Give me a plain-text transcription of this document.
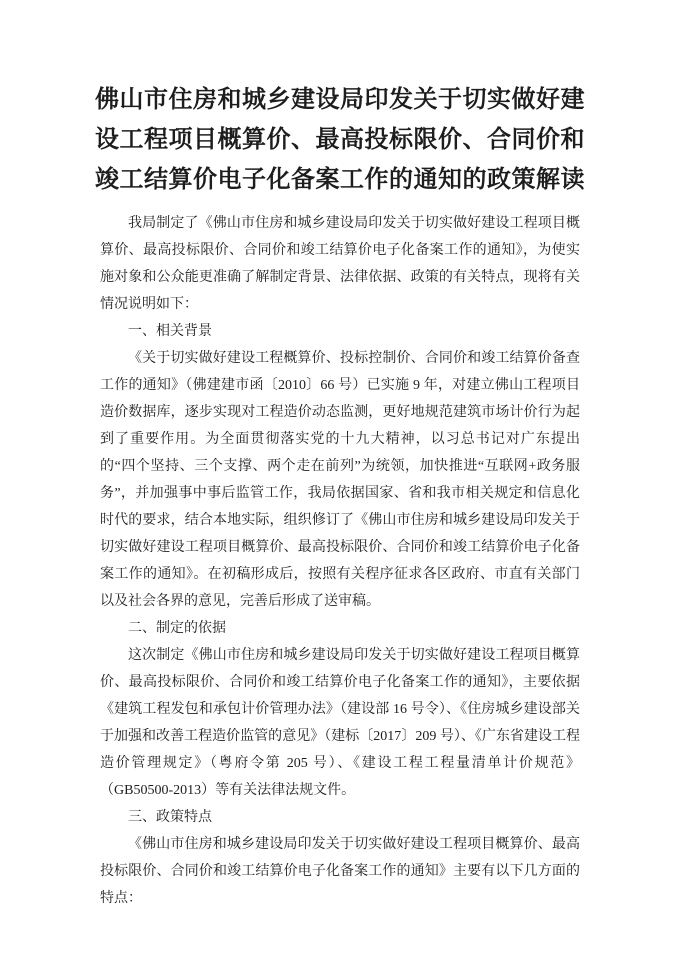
佛山市住房和城乡建设局印发关于切实做好建设工程项目概算价、最高投标限价、合同价和竣工结算价电子化备案工作的通知的政策解读

我局制定了《佛山市住房和城乡建设局印发关于切实做好建设工程项目概算价、最高投标限价、合同价和竣工结算价电子化备案工作的通知》，为使实施对象和公众能更准确了解制定背景、法律依据、政策的有关特点，现将有关情况说明如下：

一、相关背景

《关于切实做好建设工程概算价、投标控制价、合同价和竣工结算价备查工作的通知》（佛建建市函〔2010〕66 号）已实施 9 年，对建立佛山工程项目造价数据库，逐步实现对工程造价动态监测，更好地规范建筑市场计价行为起到了重要作用。为全面贯彻落实党的十九大精神，以习总书记对广东提出的“四个坚持、三个支撑、两个走在前列”为统领，加快推进“互联网+政务服务”，并加强事中事后监管工作，我局依据国家、省和我市相关规定和信息化时代的要求，结合本地实际，组织修订了《佛山市住房和城乡建设局印发关于切实做好建设工程项目概算价、最高投标限价、合同价和竣工结算价电子化备案工作的通知》。在初稿形成后，按照有关程序征求各区政府、市直有关部门以及社会各界的意见，完善后形成了送审稿。

二、制定的依据

这次制定《佛山市住房和城乡建设局印发关于切实做好建设工程项目概算价、最高投标限价、合同价和竣工结算价电子化备案工作的通知》，主要依据《建筑工程发包和承包计价管理办法》（建设部 16 号令）、《住房城乡建设部关于加强和改善工程造价监管的意见》（建标〔2017〕209 号）、《广东省建设工程造价管理规定》（粤府令第 205 号）、《建设工程工程量清单计价规范》（GB50500-2013）等有关法律法规文件。

三、政策特点

《佛山市住房和城乡建设局印发关于切实做好建设工程项目概算价、最高投标限价、合同价和竣工结算价电子化备案工作的通知》主要有以下几方面的特点：
